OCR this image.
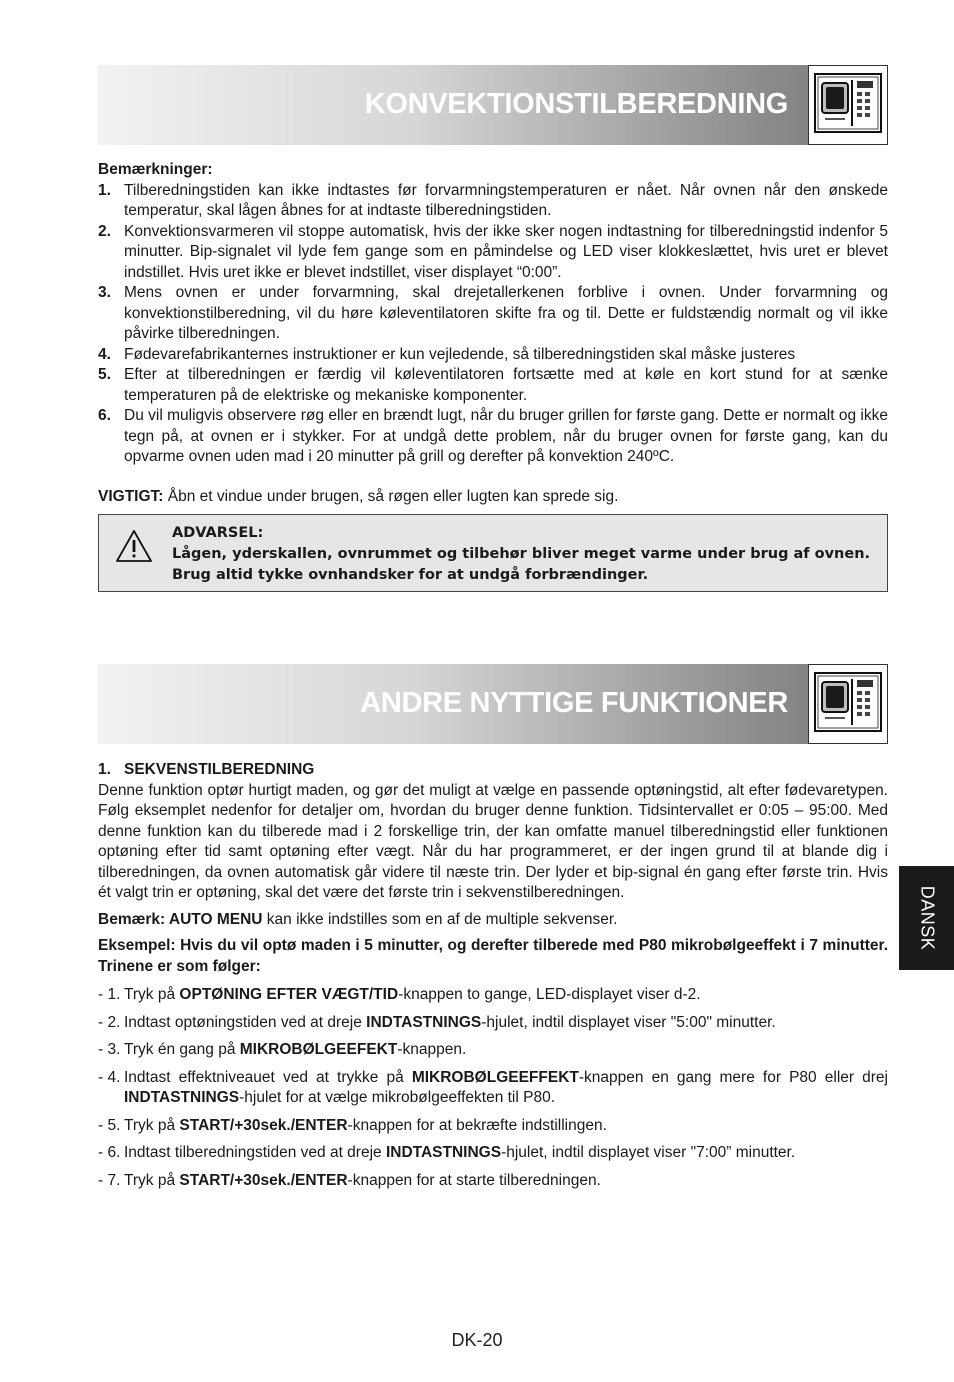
KONVEKTIONSTILBEREDNING
Bemærkninger:
1. Tilberedningstiden kan ikke indtastes før forvarmningstemperaturen er nået. Når ovnen når den ønskede temperatur, skal lågen åbnes for at indtaste tilberedningstiden.
2. Konvektionsvarmeren vil stoppe automatisk, hvis der ikke sker nogen indtastning for tilberedningstid indenfor 5 minutter. Bip-signalet vil lyde fem gange som en påmindelse og LED viser klokkeslættet, hvis uret er blevet indstillet. Hvis uret ikke er blevet indstillet, viser displayet “0:00”.
3. Mens ovnen er under forvarmning, skal drejetallerkenen forblive i ovnen. Under forvarmning og konvektionstilberedning, vil du høre køleventilatoren skifte fra og til. Dette er fuldstændig normalt og vil ikke påvirke tilberedningen.
4. Fødevarefabrikanternes instruktioner er kun vejledende, så tilberedningstiden skal måske justeres
5. Efter at tilberedningen er færdig vil køleventilatoren fortsætte med at køle en kort stund for at sænke temperaturen på de elektriske og mekaniske komponenter.
6. Du vil muligvis observere røg eller en brændt lugt, når du bruger grillen for første gang. Dette er normalt og ikke tegn på, at ovnen er i stykker. For at undgå dette problem, når du bruger ovnen for første gang, kan du opvarme ovnen uden mad i 20 minutter på grill og derefter på konvektion 240ºC.
VIGTIGT: Åbn et vindue under brugen, så røgen eller lugten kan sprede sig.
ADVARSEL:
Lågen, yderskallen, ovnrummet og tilbehør bliver meget varme under brug af ovnen. Brug altid tykke ovnhandsker for at undgå forbrændinger.
ANDRE NYTTIGE FUNKTIONER
1. SEKVENSTILBEREDNING
Denne funktion optør hurtigt maden, og gør det muligt at vælge en passende optøningstid, alt efter fødevaretypen. Følg eksemplet nedenfor for detaljer om, hvordan du bruger denne funktion. Tidsintervallet er 0:05 – 95:00. Med denne funktion kan du tilberede mad i 2 forskellige trin, der kan omfatte manuel tilberedningstid eller funktionen optøning efter tid samt optøning efter vægt. Når du har programmeret, er der ingen grund til at blande dig i tilberedningen, da ovnen automatisk går videre til næste trin. Der lyder et bip-signal én gang efter første trin. Hvis ét valgt trin er optøning, skal det være det første trin i sekvenstilberedningen.
Bemærk: AUTO MENU kan ikke indstilles som en af de multiple sekvenser.
Eksempel: Hvis du vil optø maden i 5 minutter, og derefter tilberede med P80 mikrobølgeeffekt i 7 minutter. Trinene er som følger:
- 1. Tryk på OPTØNING EFTER VÆGT/TID-knappen to gange, LED-displayet viser d-2.
- 2. Indtast optøningstiden ved at dreje INDTASTNINGS-hjulet, indtil displayet viser "5:00" minutter.
- 3. Tryk én gang på MIKROBØLGEEFEKT-knappen.
- 4. Indtast effektniveauet ved at trykke på MIKROBØLGEEFFEKT-knappen en gang mere for P80 eller drej INDTASTNINGS-hjulet for at vælge mikrobølgeeffekten til P80.
- 5. Tryk på START/+30sek./ENTER-knappen for at bekræfte indstillingen.
- 6. Indtast tilberedningstiden ved at dreje INDTASTNINGS-hjulet, indtil displayet viser "7:00” minutter.
- 7. Tryk på START/+30sek./ENTER-knappen for at starte tilberedningen.
DANSK
DK-20
